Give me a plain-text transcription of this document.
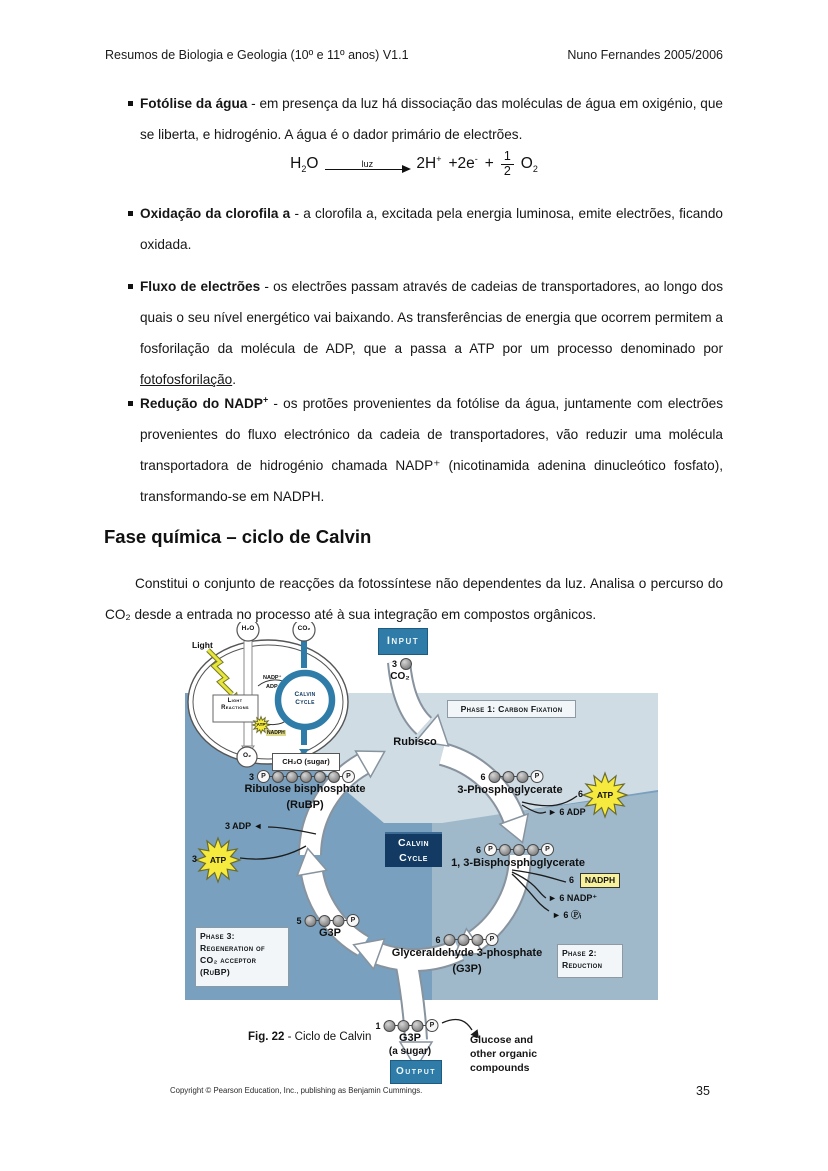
Resumos de Biologia e Geologia (10º e 11º anos) V1.1	Nuno Fernandes 2005/2006
Fotólise da água - em presença da luz há dissociação das moléculas de água em oxigénio, que se liberta, e hidrogénio. A água é o dador primário de electrões.
$H_2O$	luz	$2H^+ +2e^- + \frac{1}{2} O_2$
Oxidação da clorofila a - a clorofila a, excitada pela energia luminosa, emite electrões, ficando oxidada.
Fluxo de electrões - os electrões passam através de cadeias de transportadores, ao longo dos quais o seu nível energético vai baixando. As transferências de energia que ocorrem permitem a fosforilação da molécula de ADP, que a passa a ATP por um processo denominado por fotofosforilação.
Redução do NADP+ - os protões provenientes da fotólise da água, juntamente com electrões provenientes do fluxo electrónico da cadeia de transportadores, vão reduzir uma molécula transportadora de hidrogénio chamada NADP⁺ (nicotinamida adenina dinucleótico fosfato), transformando-se em NADPH.
Fase química – ciclo de Calvin
Constitui o conjunto de reacções da fotossíntese não dependentes da luz. Analisa o percurso do CO₂ desde a entrada no processo até à sua integração em compostos orgânicos.
Light
H₂O	CO₂
Light
Reactions
NADP⁺
ADP
ATP
NADPH
Calvin
Cycle
O₂
CH₂O (sugar)
Input
3
CO₂
Phase 1: Carbon Fixation
Phase 2:
Reduction
Phase 3:
Regeneration of
CO₂ acceptor
(RuBP)
Rubisco
3	P	P
Ribulose bisphosphate
(RuBP)
6	P
3-Phosphoglycerate 6 ATP
► 6 ADP
6	P	P
1, 3-Bisphosphoglycerate
6	NADPH
► 6 NADP⁺
► 6 Ⓟᵢ
6	P
Glyceraldehyde 3-phosphate
(G3P)
5	P
G3P
3 ADP ◄
3 ATP
Calvin
Cycle
1	P
G3P
(a sugar)
Output
Glucose and
other organic
compounds
Fig. 22 - Ciclo de Calvin
Copyright © Pearson Education, Inc., publishing as Benjamin Cummings.	35
